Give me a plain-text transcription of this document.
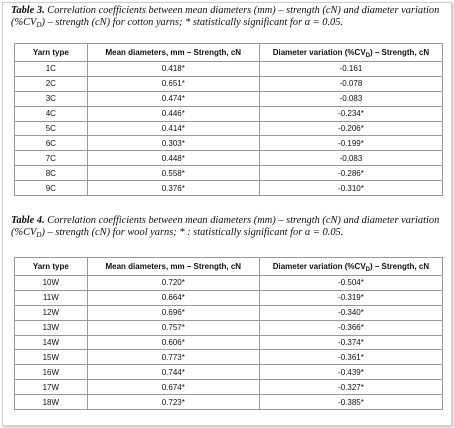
Table 3. Correlation coefficients between mean diameters (mm) – strength (cN) and diameter variation $(\%CV_D)$ – strength (cN) for cotton yarns; * statistically significant for α = 0.05.
Yarn type	Mean diameters, mm – Strength, cN	Diameter variation $(\%CV_D)$ – Strength, cN
1C	0.418*	-0.161
2C	0.651*	-0.078
3C	0.474*	-0.083
4C	0.446*	-0.234*
5C	0.414*	-0.206*
6C	0.303*	-0.199*
7C	0.448*	-0.083
8C	0.558*	-0.286*
9C	0.376*	-0.310*
Table 4. Correlation coefficients between mean diameters (mm) – strength (cN) and diameter variation $(\%CV_D)$ – strength (cN) for wool yarns; * : statistically significant for α = 0.05.
Yarn type	Mean diameters, mm – Strength, cN	Diameter variation $(\%CV_D)$ – Strength, cN
10W	0.720*	-0.504*
11W	0.664*	-0.319*
12W	0.696*	-0.340*
13W	0.757*	-0.366*
14W	0.606*	-0.374*
15W	0.773*	-0.361*
16W	0.744*	-0.439*
17W	0.674*	-0.327*
18W	0.723*	-0.385*
